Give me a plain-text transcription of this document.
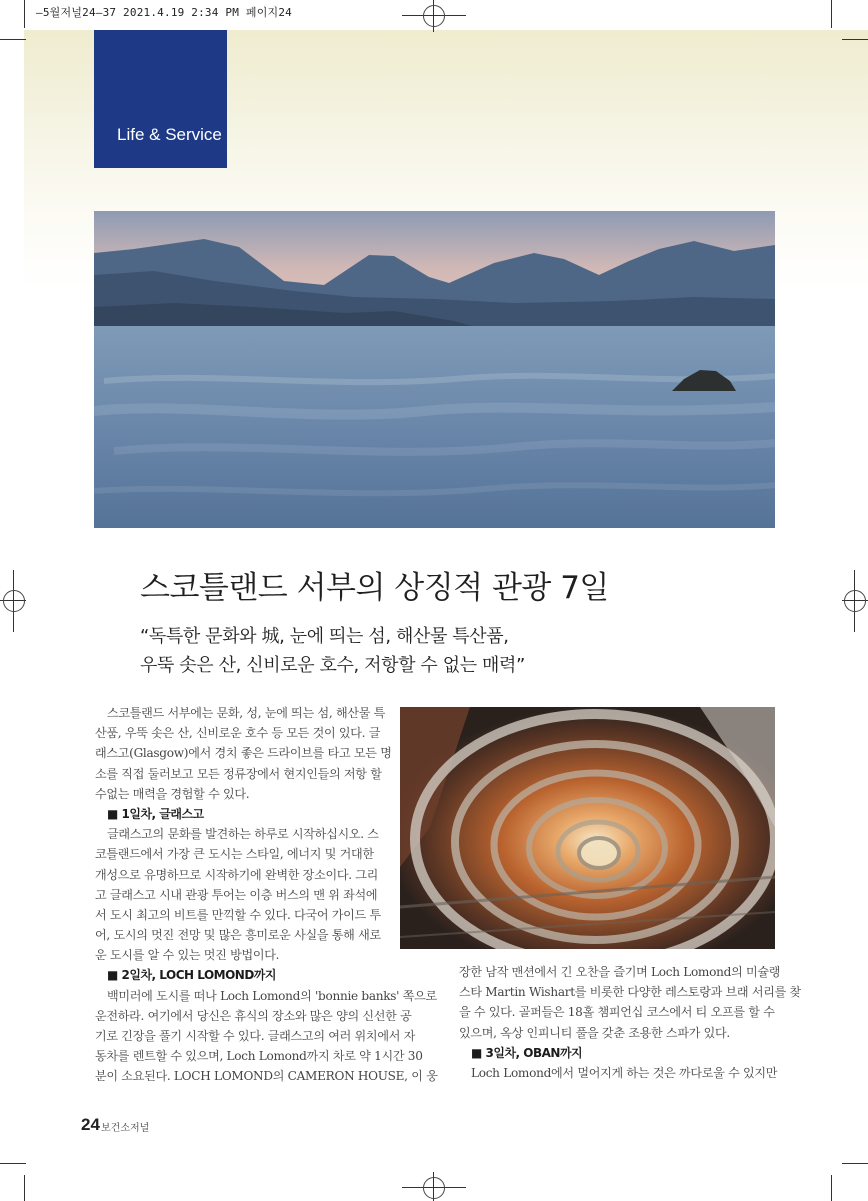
–5월저널24–37 2021.4.19 2:34 PM 페이지24
Life & Service
스코틀랜드 서부의 상징적 관광 7일
“독특한 문화와 城, 눈에 띄는 섬, 해산물 특산품,
우뚝 솟은 산, 신비로운 호수, 저항할 수 없는 매력”
스코틀랜드 서부에는 문화, 성, 눈에 띄는 섬, 해산물 특
산품, 우뚝 솟은 산, 신비로운 호수 등 모든 것이 있다. 글
래스고(Glasgow)에서 경치 좋은 드라이브를 타고 모든 명
소를 직접 둘러보고 모든 정류장에서 현지인들의 저항 할
수없는 매력을 경험할 수 있다.
■ 1일차, 글래스고
글래스고의 문화를 발견하는 하루로 시작하십시오. 스
코틀랜드에서 가장 큰 도시는 스타일, 에너지 및 거대한
개성으로 유명하므로 시작하기에 완벽한 장소이다. 그리
고 글래스고 시내 관광 투어는 이층 버스의 맨 위 좌석에
서 도시 최고의 비트를 만끽할 수 있다. 다국어 가이드 투
어, 도시의 멋진 전망 및 많은 흥미로운 사실을 통해 새로
운 도시를 알 수 있는 멋진 방법이다.
■ 2일차, LOCH LOMOND까지
백미러에 도시를 떠나 Loch Lomond의 'bonnie banks' 쪽으로
운전하라. 여기에서 당신은 휴식의 장소와 많은 양의 신선한 공
기로 긴장을 풀기 시작할 수 있다. 글래스고의 여러 위치에서 자
동차를 렌트할 수 있으며, Loch Lomond까지 차로 약 1시간 30
분이 소요된다. LOCH LOMOND의 CAMERON HOUSE, 이 웅
장한 남작 맨션에서 긴 오찬을 즐기며 Loch Lomond의 미슐랭
스타 Martin Wishart를 비롯한 다양한 레스토랑과 브래 서리를 찾
을 수 있다. 골퍼들은 18홀 챔피언십 코스에서 티 오프를 할 수
있으며, 옥상 인피니티 풀을 갖춘 조용한 스파가 있다.
■ 3일차, OBAN까지
Loch Lomond에서 멀어지게 하는 것은 까다로울 수 있지만
24 보건소저널
